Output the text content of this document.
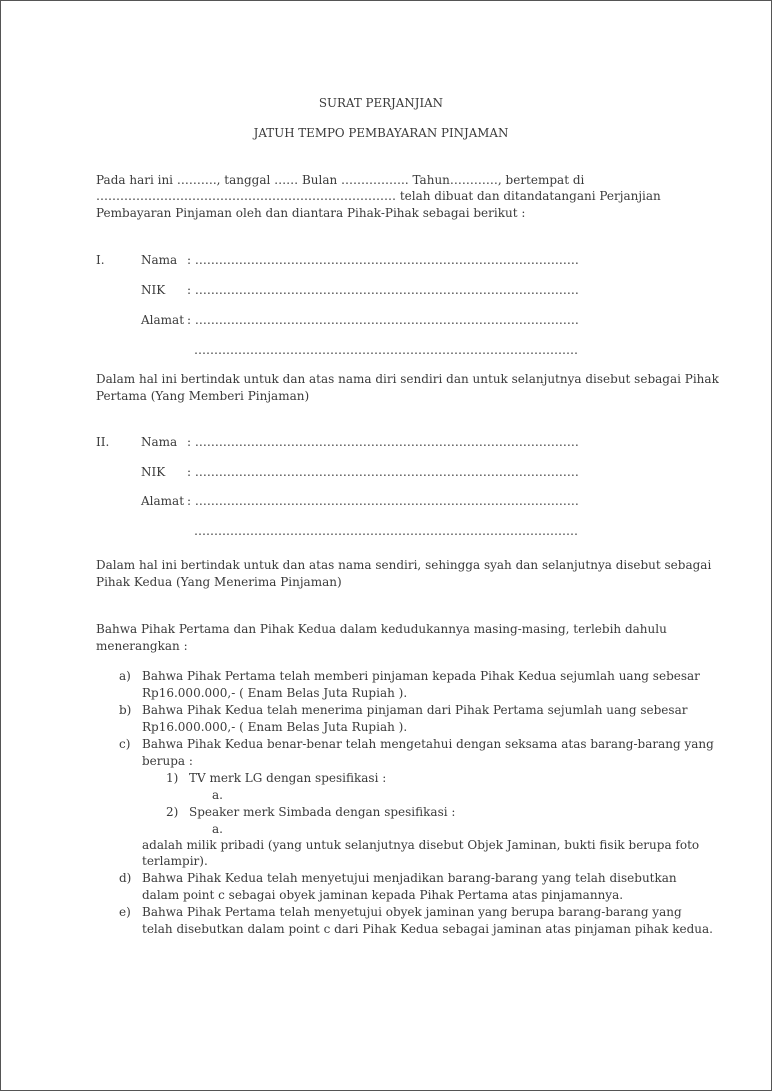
SURAT PERJANJIAN
JATUH TEMPO PEMBAYARAN PINJAMAN
Pada hari ini ………., tanggal …… Bulan …………….. Tahun…………, bertempat di
………………………………………………………………… telah dibuat dan ditandatangani Perjanjian
Pembayaran Pinjaman oleh dan diantara Pihak-Pihak sebagai berikut :
I.	Nama : ……………………………………………………………………………………
NIK : ……………………………………………………………………………………
Alamat : ……………………………………………………………………………………
……………………………………………………………………………………
Dalam hal ini bertindak untuk dan atas nama diri sendiri dan untuk selanjutnya disebut sebagai Pihak
Pertama (Yang Memberi Pinjaman)
II.	Nama : ……………………………………………………………………………………
NIK : ……………………………………………………………………………………
Alamat : ……………………………………………………………………………………
……………………………………………………………………………………
Dalam hal ini bertindak untuk dan atas nama sendiri, sehingga syah dan selanjutnya disebut sebagai
Pihak Kedua (Yang Menerima Pinjaman)
Bahwa Pihak Pertama dan Pihak Kedua dalam kedudukannya masing-masing, terlebih dahulu
menerangkan :
a) Bahwa Pihak Pertama telah memberi pinjaman kepada Pihak Kedua sejumlah uang sebesar
Rp16.000.000,- ( Enam Belas Juta Rupiah ).
b) Bahwa Pihak Kedua telah menerima pinjaman dari Pihak Pertama sejumlah uang sebesar
Rp16.000.000,- ( Enam Belas Juta Rupiah ).
c) Bahwa Pihak Kedua benar-benar telah mengetahui dengan seksama atas barang-barang yang
berupa :
1) TV merk LG dengan spesifikasi :
a.
2) Speaker merk Simbada dengan spesifikasi :
a.
adalah milik pribadi (yang untuk selanjutnya disebut Objek Jaminan, bukti fisik berupa foto
terlampir).
d) Bahwa Pihak Kedua telah menyetujui menjadikan barang-barang yang telah disebutkan
dalam point c sebagai obyek jaminan kepada Pihak Pertama atas pinjamannya.
e) Bahwa Pihak Pertama telah menyetujui obyek jaminan yang berupa barang-barang yang
telah disebutkan dalam point c dari Pihak Kedua sebagai jaminan atas pinjaman pihak kedua.
